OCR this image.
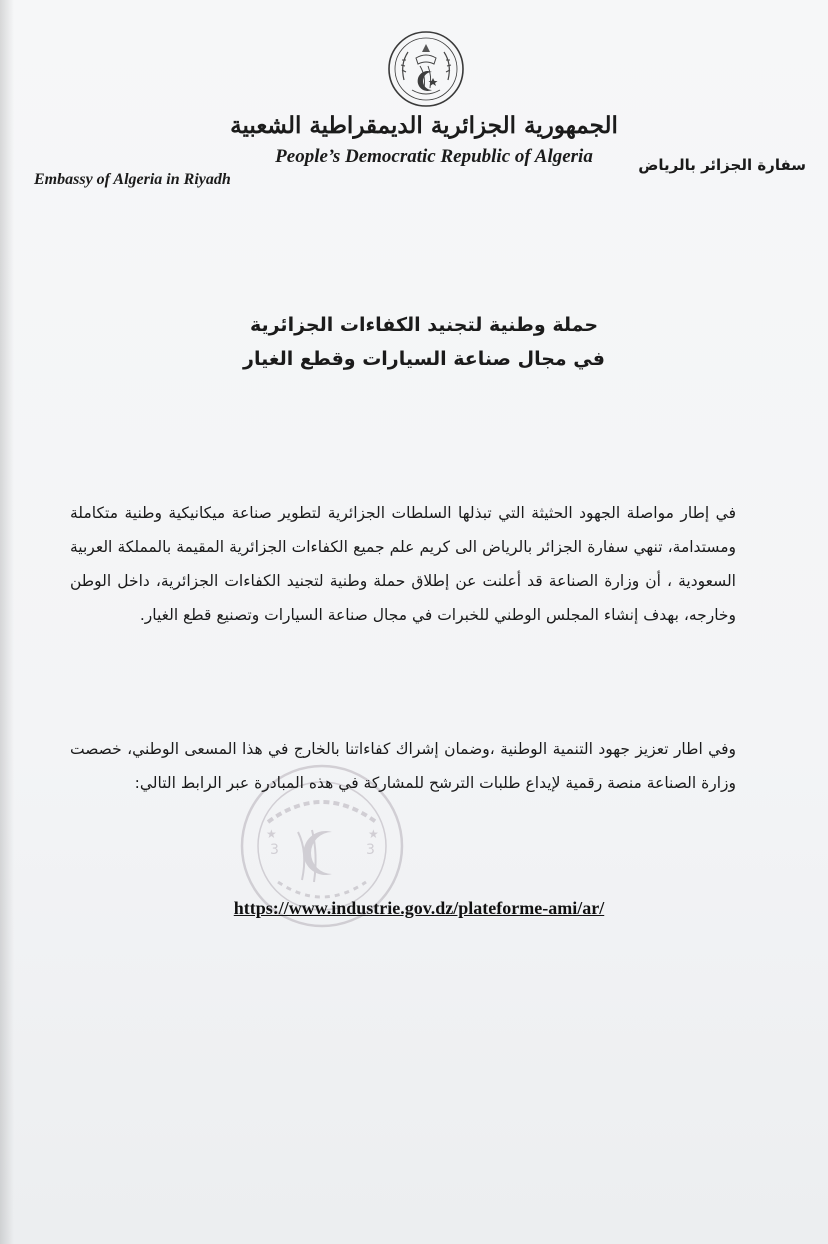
الجمهورية الجزائرية الديمقراطية الشعبية
People’s Democratic Republic of Algeria
Embassy of Algeria in Riyadh
سفارة الجزائر بالرياض
حملة وطنية لتجنيد الكفاءات الجزائرية
في مجال صناعة السيارات وقطع الغيار
في إطار مواصلة الجهود الحثيثة التي تبذلها السلطات الجزائرية لتطوير صناعة ميكانيكية وطنية متكاملة ومستدامة، تنهي سفارة الجزائر بالرياض الى كريم علم جميع الكفاءات الجزائرية المقيمة بالمملكة العربية السعودية ، أن وزارة الصناعة قد أعلنت عن إطلاق حملة وطنية لتجنيد الكفاءات الجزائرية، داخل الوطن وخارجه، بهدف إنشاء المجلس الوطني للخبرات في مجال صناعة السيارات وتصنيع قطع الغيار.
3	3
★	★
وفي اطار تعزيز جهود التنمية الوطنية ،وضمان إشراك كفاءاتنا بالخارج في هذا المسعى الوطني، خصصت وزارة الصناعة منصة رقمية لإيداع طلبات الترشح للمشاركة في هذه المبادرة عبر الرابط التالي:
https://www.industrie.gov.dz/plateforme-ami/ar/
